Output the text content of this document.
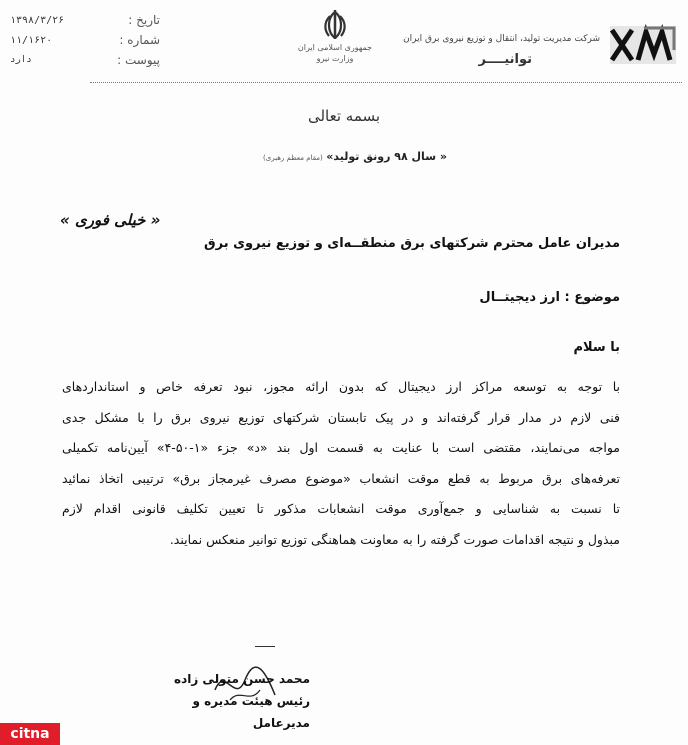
تاریخ :
۱۳۹۸/۳/۲۶
شماره :
۱۱/۱۶۲۰
پیوست :
دارد
جمهوری اسلامی ایران
وزارت نیرو
شرکت مدیریت تولید، انتقال و توزیع نیروی برق ایران
توانیــــر
بسمه تعالی
« سال ۹۸ رونق تولید» (مقام معظم رهبری)
« خیلی فوری »
مدیران عامل محترم شرکتهای برق منطقــه‌ای و توزیع نیروی برق
موضوع : ارز دیجیتــال
با سلام
با توجه به توسعه مراکز ارز دیجیتال که بدون ارائه مجوز، نبود تعرفه خاص و استانداردهای
فنی لازم در مدار قرار گرفته‌اند و در پیک تابستان شرکتهای توزیع نیروی برق را با مشکل جدی
مواجه می‌نمایند، مقتضی است با عنایت به قسمت اول بند «د» جزء «۱-۵۰-۴» آیین‌نامه تکمیلی
تعرفه‌های برق مربوط به قطع موقت انشعاب «موضوع مصرف غیرمجاز برق» ترتیبی اتخاذ نمائید
تا نسبت به شناسایی و جمع‌آوری موقت انشعابات مذکور تا تعیین تکلیف قانونی اقدام لازم
مبذول و نتیجه اقدامات صورت گرفته را به معاونت هماهنگی توزیع توانیر منعکس نمایند.
محمد حسن متولی زاده
رئیس هیئت مدیره و مدیرعامل
citna
